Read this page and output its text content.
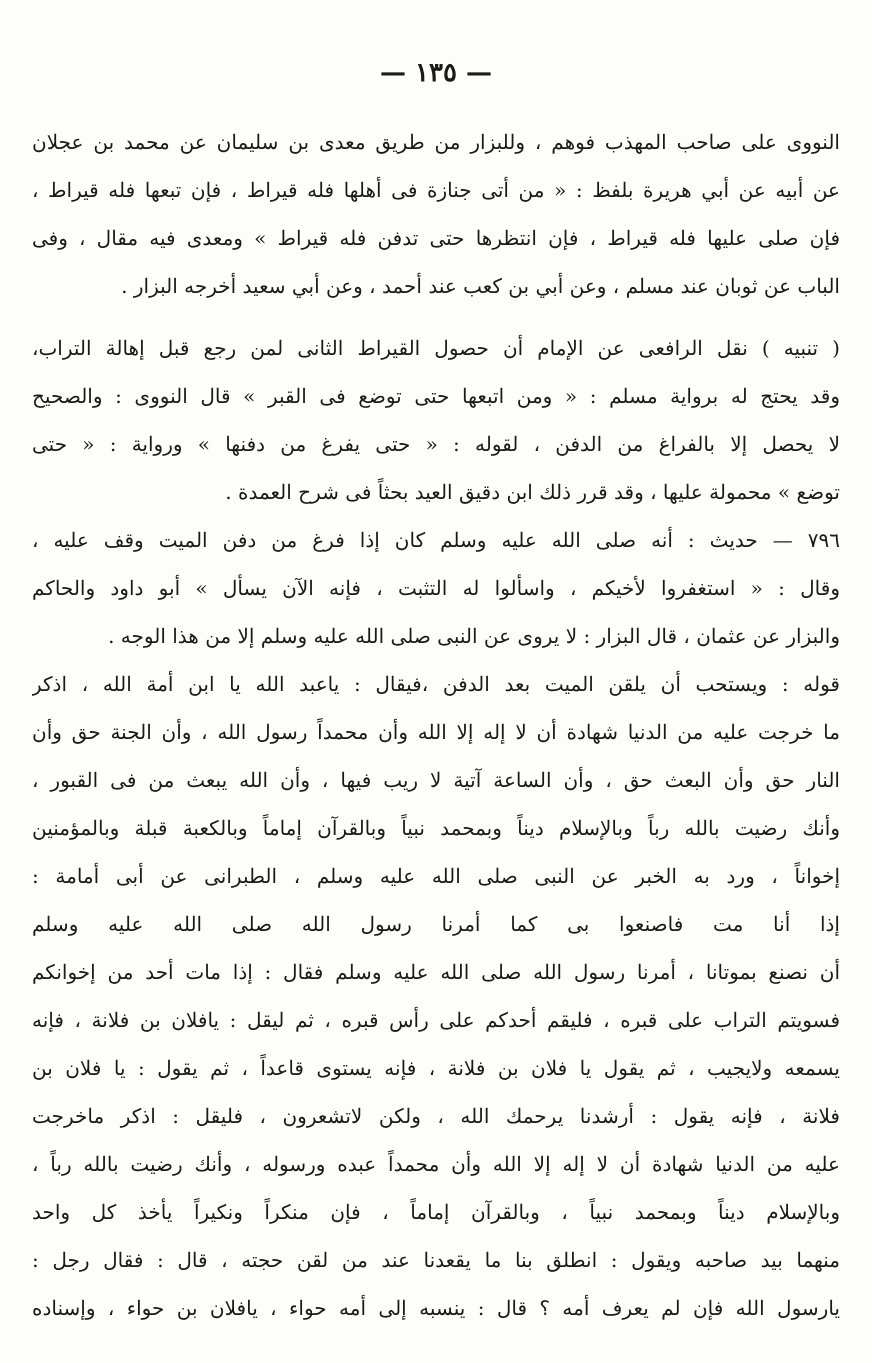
— ١٣٥ —
النووى على صاحب المهذب فوهم ، وللبزار من طريق معدى بن سليمان عن محمد بن عجلان
عن أبيه عن أبي هريرة بلفظ : « من أتى جنازة فى أهلها فله قيراط ، فإن تبعها فله قيراط ،
فإن صلى عليها فله قيراط ، فإن انتظرها حتى تدفن فله قيراط » ومعدى فيه مقال ، وفى
الباب عن ثوبان عند مسلم ، وعن أبي بن كعب عند أحمد ، وعن أبي سعيد أخرجه البزار .
( تنبيه ) نقل الرافعى عن الإمام أن حصول القيراط الثانى لمن رجع قبل إهالة التراب،
وقد يحتج له برواية مسلم : « ومن اتبعها حتى توضع فى القبر » قال النووى : والصحيح
لا يحصل إلا بالفراغ من الدفن ، لقوله : « حتى يفرغ من دفنها » ورواية : « حتى
توضع » محمولة عليها ، وقد قرر ذلك ابن دقيق العيد بحثاً فى شرح العمدة .
٧٩٦ — حديث : أنه صلى الله عليه وسلم كان إذا فرغ من دفن الميت وقف عليه ،
وقال : « استغفروا لأخيكم ، واسألوا له التثبت ، فإنه الآن يسأل » أبو داود والحاكم
والبزار عن عثمان ، قال البزار : لا يروى عن النبى صلى الله عليه وسلم إلا من هذا الوجه .
قوله : ويستحب أن يلقن الميت بعد الدفن ،فيقال : ياعبد الله يا ابن أمة الله ، اذكر
ما خرجت عليه من الدنيا شهادة أن لا إله إلا الله وأن محمداً رسول الله ، وأن الجنة حق وأن
النار حق وأن البعث حق ، وأن الساعة آتية لا ريب فيها ، وأن الله يبعث من فى القبور ،
وأنك رضيت بالله رباً وبالإسلام ديناً وبمحمد نبياً وبالقرآن إماماً وبالكعبة قبلة وبالمؤمنين
إخواناً ، ورد به الخبر عن النبى صلى الله عليه وسلم ، الطبرانى عن أبى أمامة :
إذا أنا مت فاصنعوا بى كما أمرنا رسول الله صلى الله عليه وسلم
أن نصنع بموتانا ، أمرنا رسول الله صلى الله عليه وسلم فقال : إذا مات أحد من إخوانكم
فسويتم التراب على قبره ، فليقم أحدكم على رأس قبره ، ثم ليقل : يافلان بن فلانة ، فإنه
يسمعه ولايجيب ، ثم يقول يا فلان بن فلانة ، فإنه يستوى قاعداً ، ثم يقول : يا فلان بن
فلانة ، فإنه يقول : أرشدنا يرحمك الله ، ولكن لاتشعرون ، فليقل : اذكر ماخرجت
عليه من الدنيا شهادة أن لا إله إلا الله وأن محمداً عبده ورسوله ، وأنك رضيت بالله رباً ،
وبالإسلام ديناً وبمحمد نبياً ، وبالقرآن إماماً ، فإن منكراً ونكيراً يأخذ كل واحد
منهما بيد صاحبه ويقول : انطلق بنا ما يقعدنا عند من لقن حجته ، قال : فقال رجل :
يارسول الله فإن لم يعرف أمه ؟ قال : ينسبه إلى أمه حواء ، يافلان بن حواء ، وإسناده
